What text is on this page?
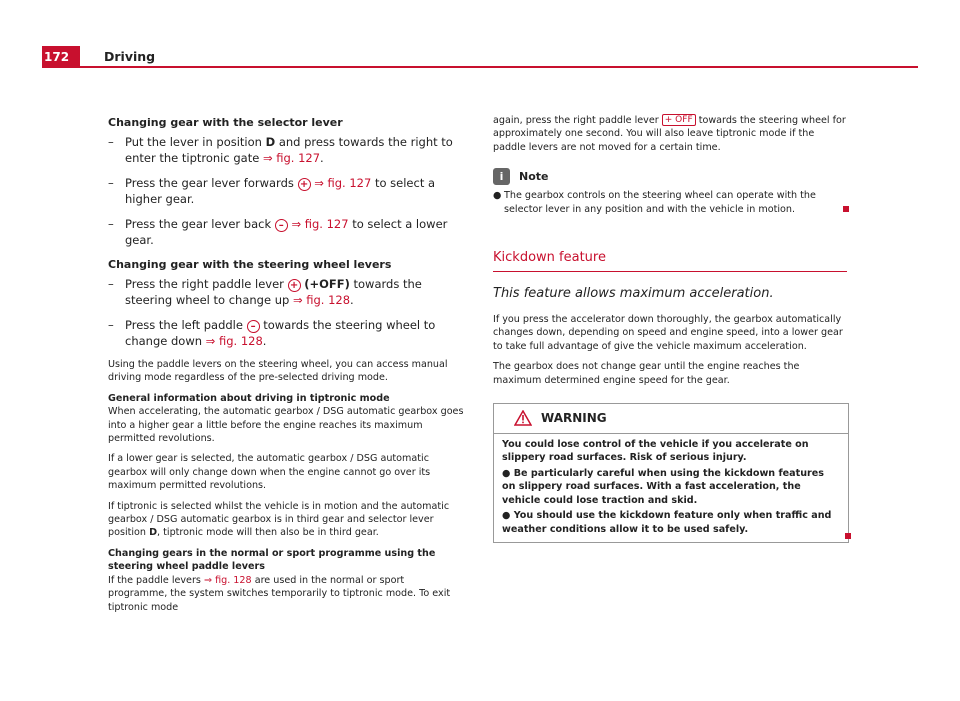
172	Driving
Changing gear with the selector lever
– Put the lever in position D and press towards the right to enter the tiptronic gate ⇒ fig. 127.
– Press the gear lever forwards + ⇒ fig. 127 to select a higher gear.
– Press the gear lever back – ⇒ fig. 127 to select a lower gear.
Changing gear with the steering wheel levers
– Press the right paddle lever + (+OFF) towards the steering wheel to change up ⇒ fig. 128.
– Press the left paddle – towards the steering wheel to change down ⇒ fig. 128.

Using the paddle levers on the steering wheel, you can access manual driving mode regardless of the pre-selected driving mode.

General information about driving in tiptronic mode

When accelerating, the automatic gearbox / DSG automatic gearbox goes into a higher gear a little before the engine reaches its maximum permitted revolutions.

If a lower gear is selected, the automatic gearbox / DSG automatic gearbox will only change down when the engine cannot go over its maximum permitted revolutions.

If tiptronic is selected whilst the vehicle is in motion and the automatic gearbox / DSG automatic gearbox is in third gear and selector lever position D, tiptronic mode will then also be in third gear.

Changing gears in the normal or sport programme using the steering wheel paddle levers

If the paddle levers ⇒ fig. 128 are used in the normal or sport programme, the system switches temporarily to tiptronic mode. To exit tiptronic mode

again, press the right paddle lever + OFF towards the steering wheel for approximately one second. You will also leave tiptronic mode if the paddle levers are not moved for a certain time.

i	Note
● The gearbox controls on the steering wheel can operate with the selector lever in any position and with the vehicle in motion.
Kickdown feature
This feature allows maximum acceleration.

If you press the accelerator down thoroughly, the gearbox automatically changes down, depending on speed and engine speed, into a lower gear to take full advantage of give the vehicle maximum acceleration.

The gearbox does not change gear until the engine reaches the maximum determined engine speed for the gear.

WARNING

You could lose control of the vehicle if you accelerate on slippery road surfaces. Risk of serious injury.

● Be particularly careful when using the kickdown features on slippery road surfaces. With a fast acceleration, the vehicle could lose traction and skid.

● You should use the kickdown feature only when traffic and weather conditions allow it to be used safely.
